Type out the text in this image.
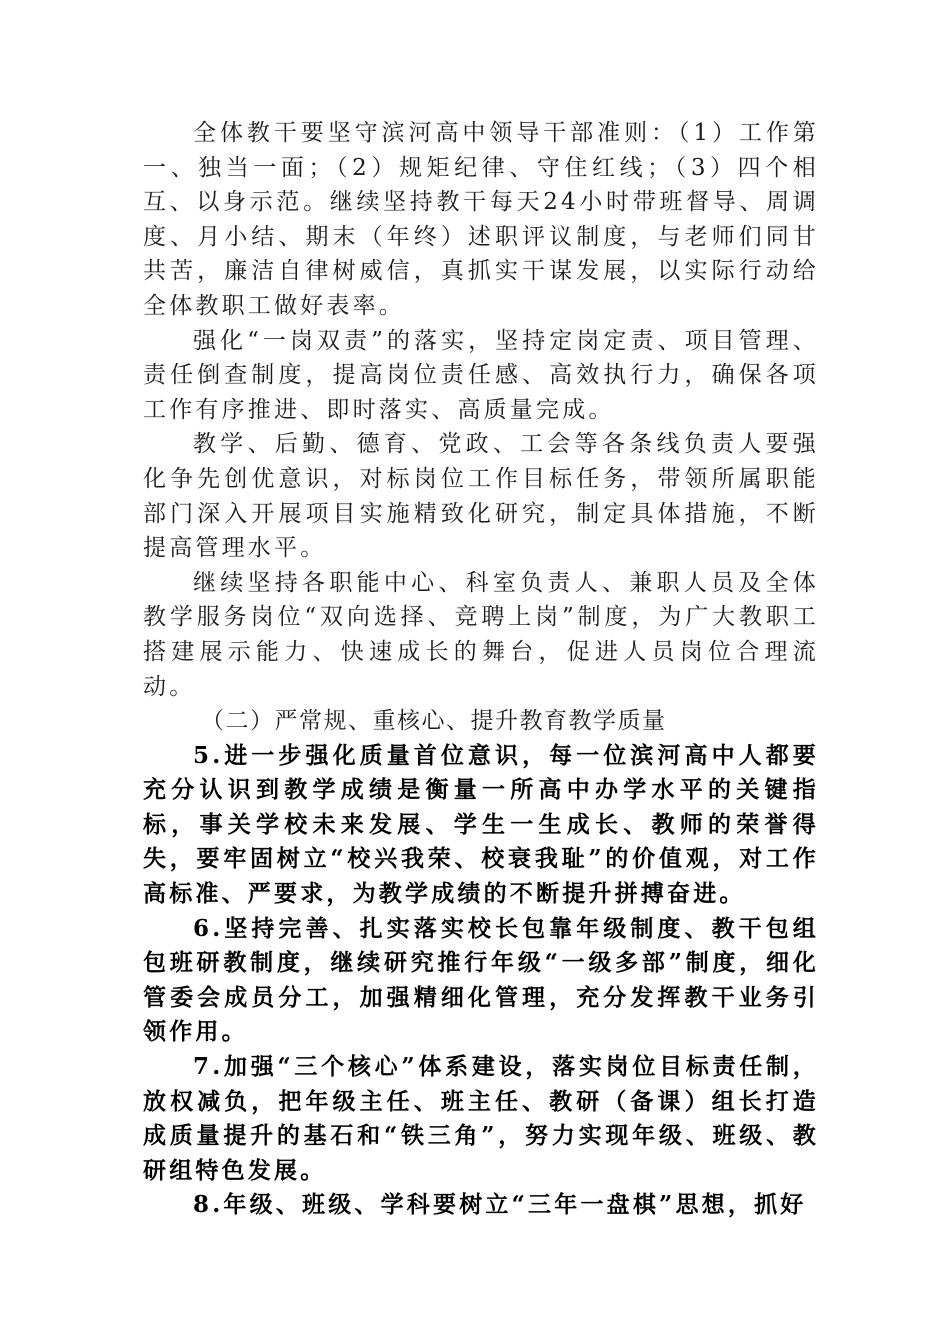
全体教干要坚守滨河高中领导干部准则：（1）工作第一、独当一面；（2）规矩纪律、守住红线；（3）四个相互、以身示范。继续坚持教干每天24小时带班督导、周调度、月小结、期末（年终）述职评议制度，与老师们同甘共苦，廉洁自律树威信，真抓实干谋发展，以实际行动给全体教职工做好表率。

强化“一岗双责”的落实，坚持定岗定责、项目管理、责任倒查制度，提高岗位责任感、高效执行力，确保各项工作有序推进、即时落实、高质量完成。

教学、后勤、德育、党政、工会等各条线负责人要强化争先创优意识，对标岗位工作目标任务，带领所属职能部门深入开展项目实施精致化研究，制定具体措施，不断提高管理水平。

继续坚持各职能中心、科室负责人、兼职人员及全体教学服务岗位“双向选择、竞聘上岗”制度，为广大教职工搭建展示能力、快速成长的舞台，促进人员岗位合理流动。

（二）严常规、重核心、提升教育教学质量

5.进一步强化质量首位意识，每一位滨河高中人都要充分认识到教学成绩是衡量一所高中办学水平的关键指标，事关学校未来发展、学生一生成长、教师的荣誉得失，要牢固树立“校兴我荣、校衰我耻”的价值观，对工作高标准、严要求，为教学成绩的不断提升拼搏奋进。

6.坚持完善、扎实落实校长包靠年级制度、教干包组包班研教制度，继续研究推行年级“一级多部”制度，细化管委会成员分工，加强精细化管理，充分发挥教干业务引领作用。

7.加强“三个核心”体系建设，落实岗位目标责任制，放权减负，把年级主任、班主任、教研（备课）组长打造成质量提升的基石和“铁三角”，努力实现年级、班级、教研组特色发展。

8.年级、班级、学科要树立“三年一盘棋”思想，抓好
